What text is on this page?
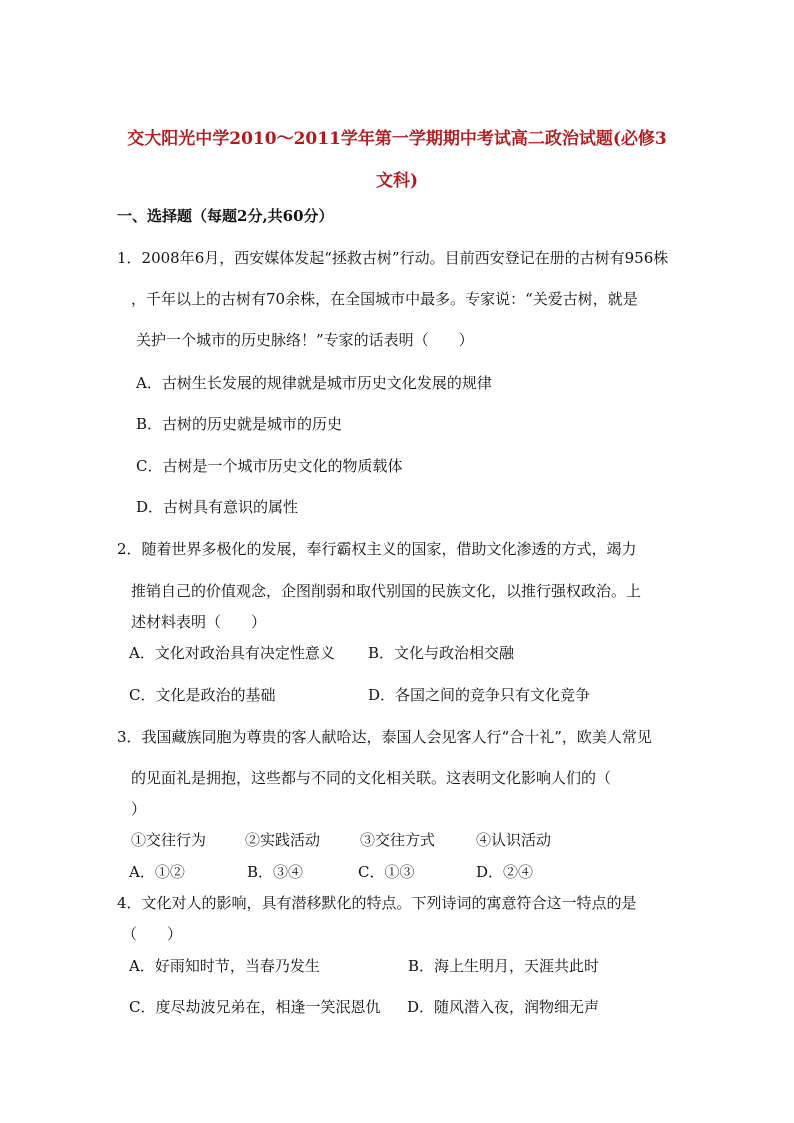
交大阳光中学2010～2011学年第一学期期中考试高二政治试题(必修3
文科)
一、选择题（每题2分,共60分）
1．2008年6月，西安媒体发起“拯救古树”行动。目前西安登记在册的古树有956株
，千年以上的古树有70余株，在全国城市中最多。专家说：“关爱古树，就是
关护一个城市的历史脉络！”专家的话表明（　　）
A．古树生长发展的规律就是城市历史文化发展的规律
B．古树的历史就是城市的历史
C．古树是一个城市历史文化的物质载体
D．古树具有意识的属性
2．随着世界多极化的发展，奉行霸权主义的国家，借助文化渗透的方式，竭力
推销自己的价值观念，企图削弱和取代别国的民族文化，以推行强权政治。上
述材料表明（　　）
A．文化对政治具有决定性意义 B．文化与政治相交融
C．文化是政治的基础	D．各国之间的竞争只有文化竞争
3．我国藏族同胞为尊贵的客人献哈达，泰国人会见客人行“合十礼”，欧美人常见
的见面礼是拥抱，这些都与不同的文化相关联。这表明文化影响人们的（
）
①交往行为	②实践活动	③交往方式	④认识活动
A．①②	B．③④	C．①③	D．②④
4．文化对人的影响，具有潜移默化的特点。下列诗词的寓意符合这一特点的是
（　　）
A．好雨知时节，当春乃发生	B．海上生明月，天涯共此时
C．度尽劫波兄弟在，相逢一笑泯恩仇 D．随风潜入夜，润物细无声
